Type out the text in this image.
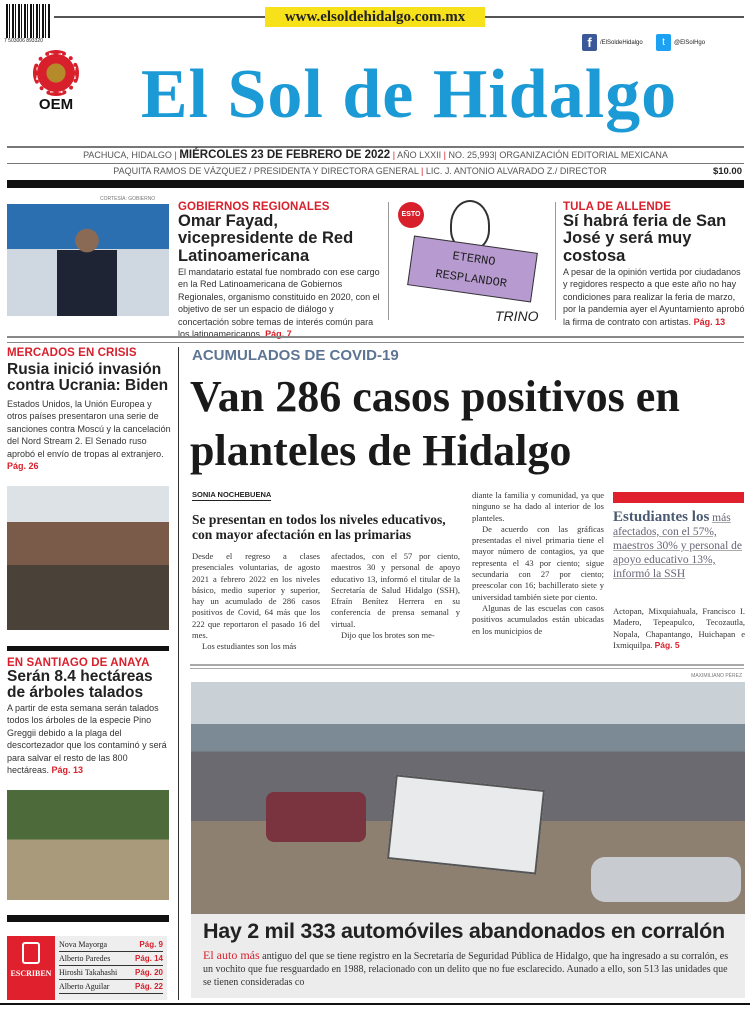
7 503006 893320
www.elsoldehidalgo.com.mx
OEM El Sol de Hidalgo
f	/ElSoldeHidalgo	t	@ElSolHgo
PACHUCA, HIDALGO | MIÉRCOLES 23 DE FEBRERO DE 2022 | AÑO LXXII | NO. 25,993| ORGANIZACIÓN EDITORIAL MEXICANA
PAQUITA RAMOS DE VÁZQUEZ / PRESIDENTA Y DIRECTORA GENERAL | LIC. J. ANTONIO ALVARADO Z./ DIRECTOR	$10.00
CORTESÍA: GOBIERNO
GOBIERNOS REGIONALES
Omar Fayad, vicepresidente de Red Latinoamericana
El mandatario estatal fue nombrado con ese cargo en la Red Latinoamericana de Gobiernos Regionales, organismo constituido en 2020, con el objetivo de ser un espacio de diálogo y concertación sobre temas de interés común para los latinoamericanos. Pág. 7
ESTO
ETERNO
RESPLANDOR
TRINO
TULA DE ALLENDE
Sí habrá feria de San José y será muy costosa
A pesar de la opinión vertida por ciudadanos y regidores respecto a que este año no hay condiciones para realizar la feria de marzo, por la pandemia ayer el Ayuntamiento aprobó la firma de contrato con artistas. Pág. 13
MERCADOS EN CRISIS
Rusia inició invasión contra Ucrania: Biden
Estados Unidos, la Unión Europea y otros países presentaron una serie de sanciones contra Moscú y la cancelación del Nord Stream 2. El Senado ruso aprobó el envío de tropas al extranjero. Pág. 26
EN SANTIAGO DE ANAYA
Serán 8.4 hectáreas de árboles talados
A partir de esta semana serán talados todos los árboles de la especie Pino Greggii debido a la plaga del descortezador que los contaminó y será para salvar el resto de las 800 hectáreas. Pág. 13
ESCRIBEN
Nova Mayorga	Pág. 9
Alberto Paredes	Pág. 14
Hiroshi Takahashi Pág. 20
Alberto Aguilar	Pág. 22
ACUMULADOS DE COVID-19
Van 286 casos positivos en planteles de Hidalgo
SONIA NOCHEBUENA
Se presentan en todos los niveles educativos, con mayor afectación en las primarias
Desde el regreso a clases presenciales voluntarias, de agosto 2021 a febrero 2022 en los niveles básico, medio superior y superior, hay un acumulado de 286 casos positivos de Covid, 64 más que los 222 que reportaron el pasado 16 del mes.
Los estudiantes son los más
afectados, con el 57 por ciento, maestros 30 y personal de apoyo educativo 13, informó el titular de la Secretaría de Salud Hidalgo (SSH), Efraín Benítez Herrera en su conferencia de prensa semanal y virtual.
Dijo que los brotes son me-
diante la familia y comunidad, ya que ninguno se ha dado al interior de los planteles.
De acuerdo con las gráficas presentadas el nivel primaria tiene el mayor número de contagios, ya que representa el 43 por ciento; sigue secundaria con 27 por ciento; preescolar con 16; bachillerato siete y universidad también siete por ciento.
Algunas de las escuelas con casos positivos acumulados están ubicadas en los municipios de
Estudiantes los más afectados, con el 57%, maestros 30% y personal de apoyo educativo 13%, informó la SSH
Actopan, Mixquiahuala, Francisco I. Madero, Tepeapulco, Tecozautla, Nopala, Chapantango, Huichapan e Ixmiquilpa. Pág. 5
MAXIMILIANO PÉREZ
Hay 2 mil 333 automóviles abandonados en corralón
El auto más antiguo del que se tiene registro en la Secretaría de Seguridad Pública de Hidalgo, que ha ingresado a su corralón, es un vochito que fue resguardado en 1988, relacionado con un delito que no fue esclarecido. Aunado a ello, son 513 las unidades que se tienen consideradas co
